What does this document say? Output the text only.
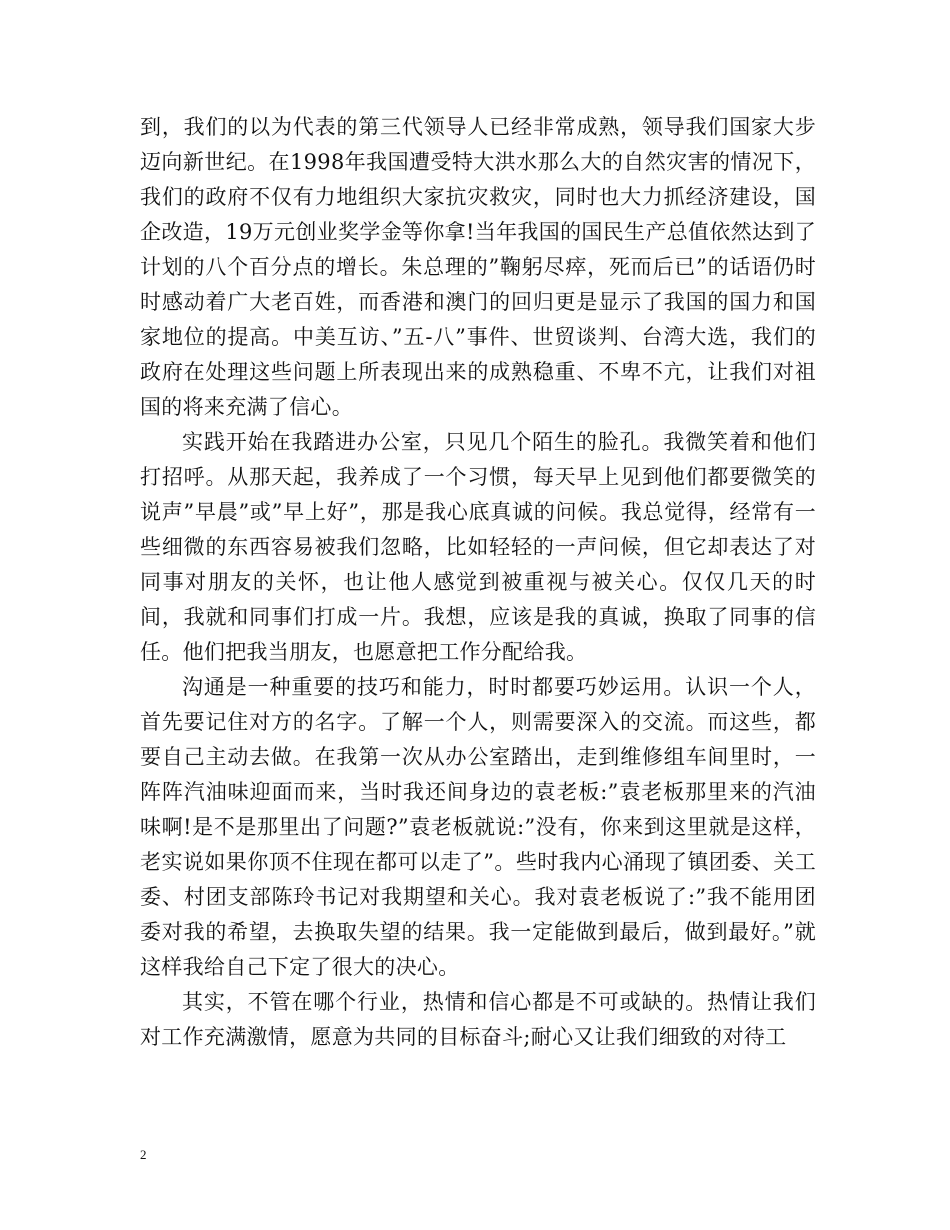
到，我们的以为代表的第三代领导人已经非常成熟，领导我们国家大步迈向新世纪。在1998年我国遭受特大洪水那么大的自然灾害的情况下，我们的政府不仅有力地组织大家抗灾救灾，同时也大力抓经济建设，国企改造，19万元创业奖学金等你拿!当年我国的国民生产总值依然达到了计划的八个百分点的增长。朱总理的”鞠躬尽瘁，死而后已”的话语仍时时感动着广大老百姓，而香港和澳门的回归更是显示了我国的国力和国家地位的提高。中美互访、”五-八”事件、世贸谈判、台湾大选，我们的政府在处理这些问题上所表现出来的成熟稳重、不卑不亢，让我们对祖国的将来充满了信心。

实践开始在我踏进办公室，只见几个陌生的脸孔。我微笑着和他们打招呼。从那天起，我养成了一个习惯，每天早上见到他们都要微笑的说声”早晨”或”早上好”，那是我心底真诚的问候。我总觉得，经常有一些细微的东西容易被我们忽略，比如轻轻的一声问候，但它却表达了对同事对朋友的关怀，也让他人感觉到被重视与被关心。仅仅几天的时间，我就和同事们打成一片。我想，应该是我的真诚，换取了同事的信任。他们把我当朋友，也愿意把工作分配给我。

沟通是一种重要的技巧和能力，时时都要巧妙运用。认识一个人，首先要记住对方的名字。了解一个人，则需要深入的交流。而这些，都要自己主动去做。在我第一次从办公室踏出，走到维修组车间里时，一阵阵汽油味迎面而来，当时我还间身边的袁老板:”袁老板那里来的汽油味啊!是不是那里出了问题?”袁老板就说:”没有，你来到这里就是这样，老实说如果你顶不住现在都可以走了”。些时我内心涌现了镇团委、关工委、村团支部陈玲书记对我期望和关心。我对袁老板说了:”我不能用团委对我的希望，去换取失望的结果。我一定能做到最后，做到最好。”就这样我给自己下定了很大的决心。

其实，不管在哪个行业，热情和信心都是不可或缺的。热情让我们对工作充满激情，愿意为共同的目标奋斗;耐心又让我们细致的对待工

2
